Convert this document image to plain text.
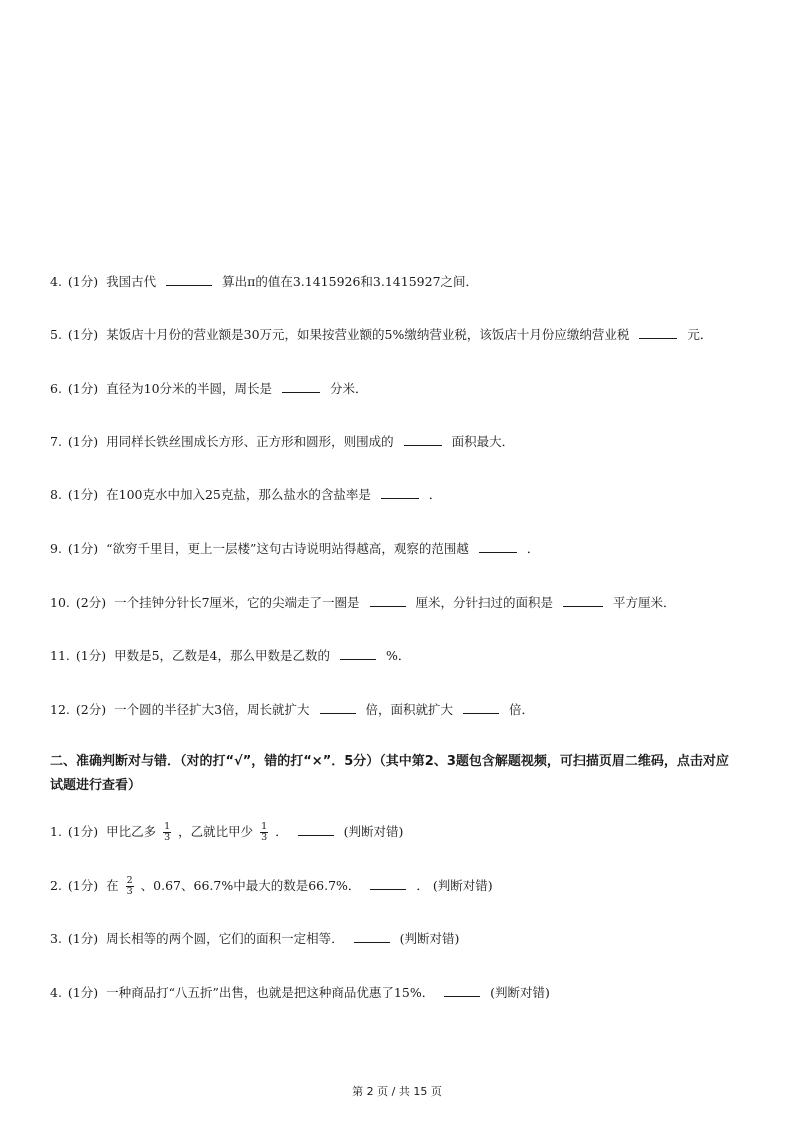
4. (1分) 我国古代	算出π的值在3.1415926和3.1415927之间．
5. (1分) 某饭店十月份的营业额是30万元，如果按营业额的5%缴纳营业税，该饭店十月份应缴纳营业税	元．
6. (1分) 直径为10分米的半圆，周长是	分米．
7. (1分) 用同样长铁丝围成长方形、正方形和圆形，则围成的	面积最大．
8. (1分) 在100克水中加入25克盐，那么盐水的含盐率是	．
9. (1分) “欲穷千里目，更上一层楼”这句古诗说明站得越高，观察的范围越	．
10. (2分) 一个挂钟分针长7厘米，它的尖端走了一圈是	厘米，分针扫过的面积是	平方厘米．
11. (1分) 甲数是5，乙数是4，那么甲数是乙数的	%．
12. (2分) 一个圆的半径扩大3倍，周长就扩大	倍，面积就扩大	倍．
二、准确判断对与错．（对的打“√”，错的打“×”．5分）（其中第2、3题包含解题视频，可扫描页眉二维码，点击对应试题进行查看）
1. (1分) 甲比乙多 $\frac{1}{3}$ ，乙就比甲少 $\frac{1}{3}$ ．	(判断对错)
2. (1分) 在 $\frac{2}{3}$ 、0.67、66.7%中最大的数是66.7%．	． (判断对错)
3. (1分) 周长相等的两个圆，它们的面积一定相等．	(判断对错)
4. (1分) 一种商品打“八五折”出售，也就是把这种商品优惠了15%．	(判断对错)
第 2 页 / 共 15 页
